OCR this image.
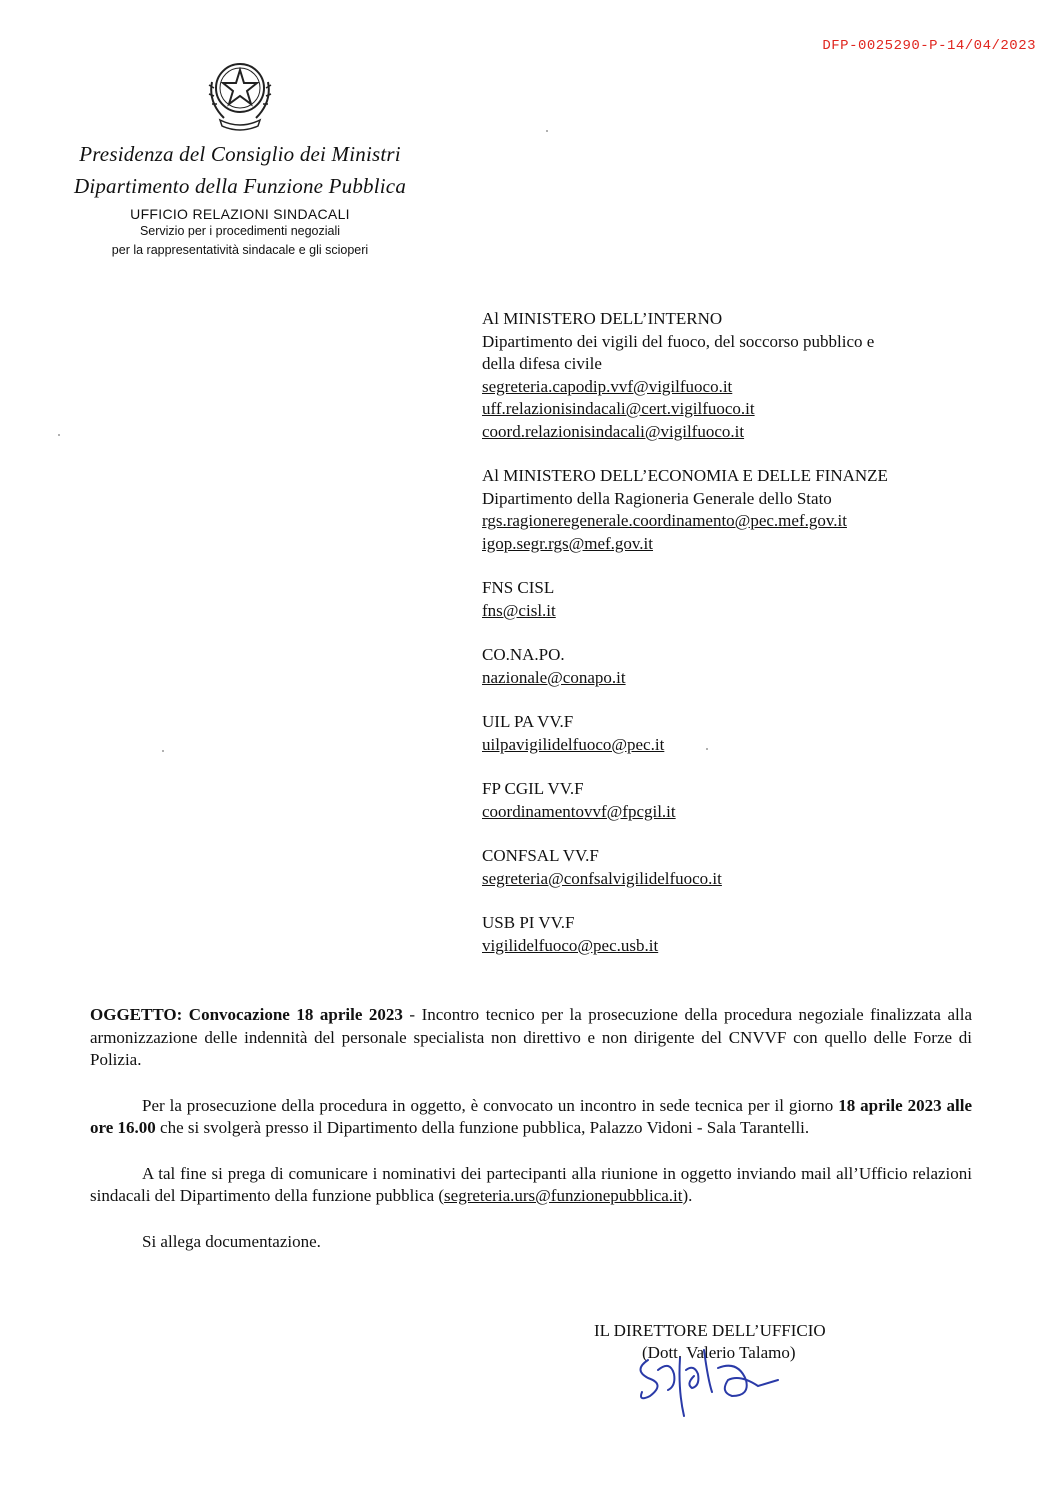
DFP-0025290-P-14/04/2023
Presidenza del Consiglio dei Ministri
Dipartimento della Funzione Pubblica
UFFICIO RELAZIONI SINDACALI
Servizio per i procedimenti negoziali
per la rappresentatività sindacale e gli scioperi
Al MINISTERO DELL’INTERNO
Dipartimento dei vigili del fuoco, del soccorso pubblico e
della difesa civile
segreteria.capodip.vvf@vigilfuoco.it
uff.relazionisindacali@cert.vigilfuoco.it
coord.relazionisindacali@vigilfuoco.it
Al MINISTERO DELL’ECONOMIA E DELLE FINANZE
Dipartimento della Ragioneria Generale dello Stato
rgs.ragioneregenerale.coordinamento@pec.mef.gov.it
igop.segr.rgs@mef.gov.it
FNS CISL
fns@cisl.it
CO.NA.PO.
nazionale@conapo.it
UIL PA VV.F
uilpavigilidelfuoco@pec.it
FP CGIL VV.F
coordinamentovvf@fpcgil.it
CONFSAL VV.F
segreteria@confsalvigilidelfuoco.it
USB PI VV.F
vigilidelfuoco@pec.usb.it

OGGETTO: Convocazione 18 aprile 2023 - Incontro tecnico per la prosecuzione della procedura negoziale finalizzata alla armonizzazione delle indennità del personale specialista non direttivo e non dirigente del CNVVF con quello delle Forze di Polizia.

Per la prosecuzione della procedura in oggetto, è convocato un incontro in sede tecnica per il giorno 18 aprile 2023 alle ore 16.00 che si svolgerà presso il Dipartimento della funzione pubblica, Palazzo Vidoni - Sala Tarantelli.

A tal fine si prega di comunicare i nominativi dei partecipanti alla riunione in oggetto inviando mail all’Ufficio relazioni sindacali del Dipartimento della funzione pubblica (segreteria.urs@funzionepubblica.it).

Si allega documentazione.

IL DIRETTORE DELL’UFFICIO
(Dott. Valerio Talamo)
